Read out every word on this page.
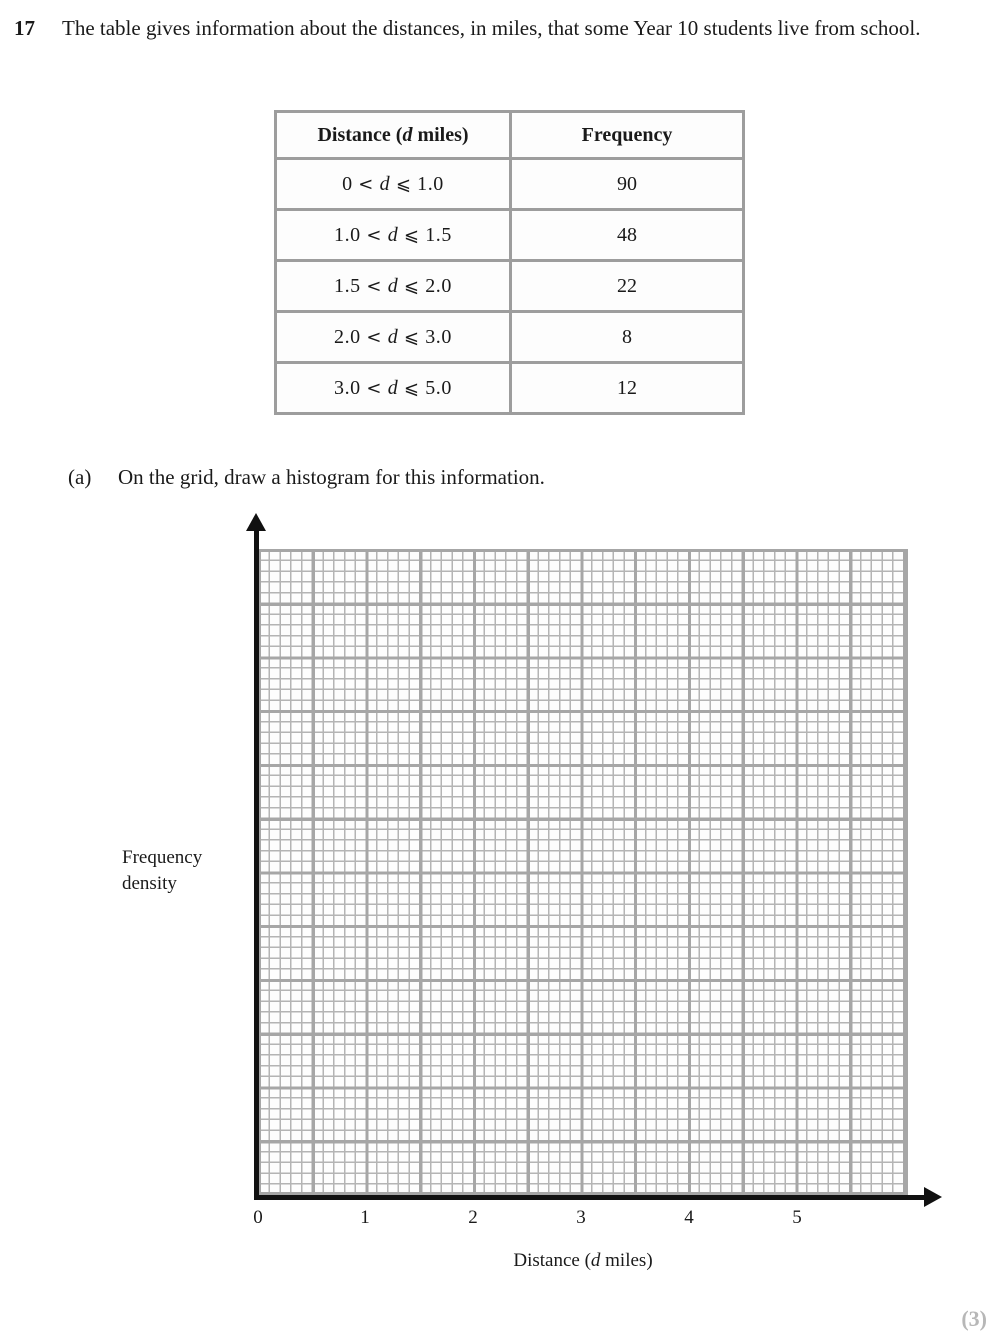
17	The table gives information about the distances, in miles, that some Year 10 students live from school.
Distance (d miles)	Frequency
0 < d ⩽ 1.0	90
1.0 < d ⩽ 1.5	48
1.5 < d ⩽ 2.0	22
2.0 < d ⩽ 3.0	8
3.0 < d ⩽ 5.0	12
(a)	On the grid, draw a histogram for this information.
0	1	2	3	4	5
Frequency
density
Distance (d miles)
(3)
